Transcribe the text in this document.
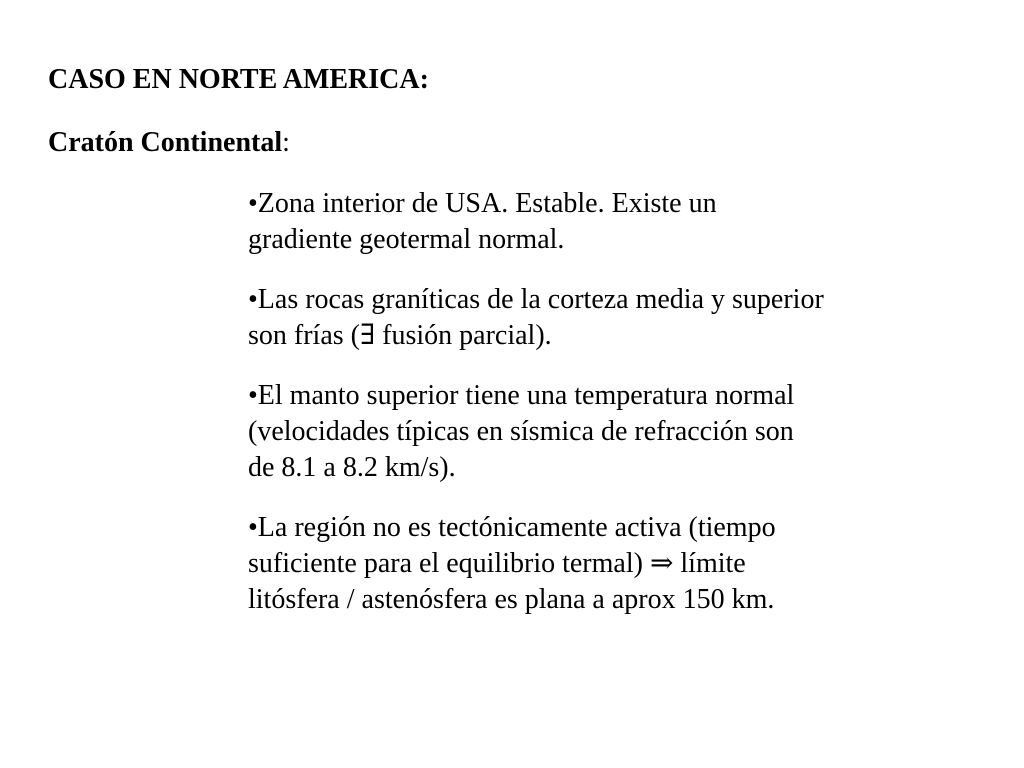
CASO EN NORTE AMERICA:

Cratón Continental:

•Zona interior de USA. Estable. Existe un
gradiente geotermal normal.
•Las rocas graníticas de la corteza media y superior
son frías (∃ fusión parcial).
•El manto superior tiene una temperatura normal
(velocidades típicas en sísmica de refracción son
de 8.1 a 8.2 km/s).
•La región no es tectónicamente activa (tiempo
suficiente para el equilibrio termal) ⇒ límite
litósfera / astenósfera es plana a aprox 150 km.
